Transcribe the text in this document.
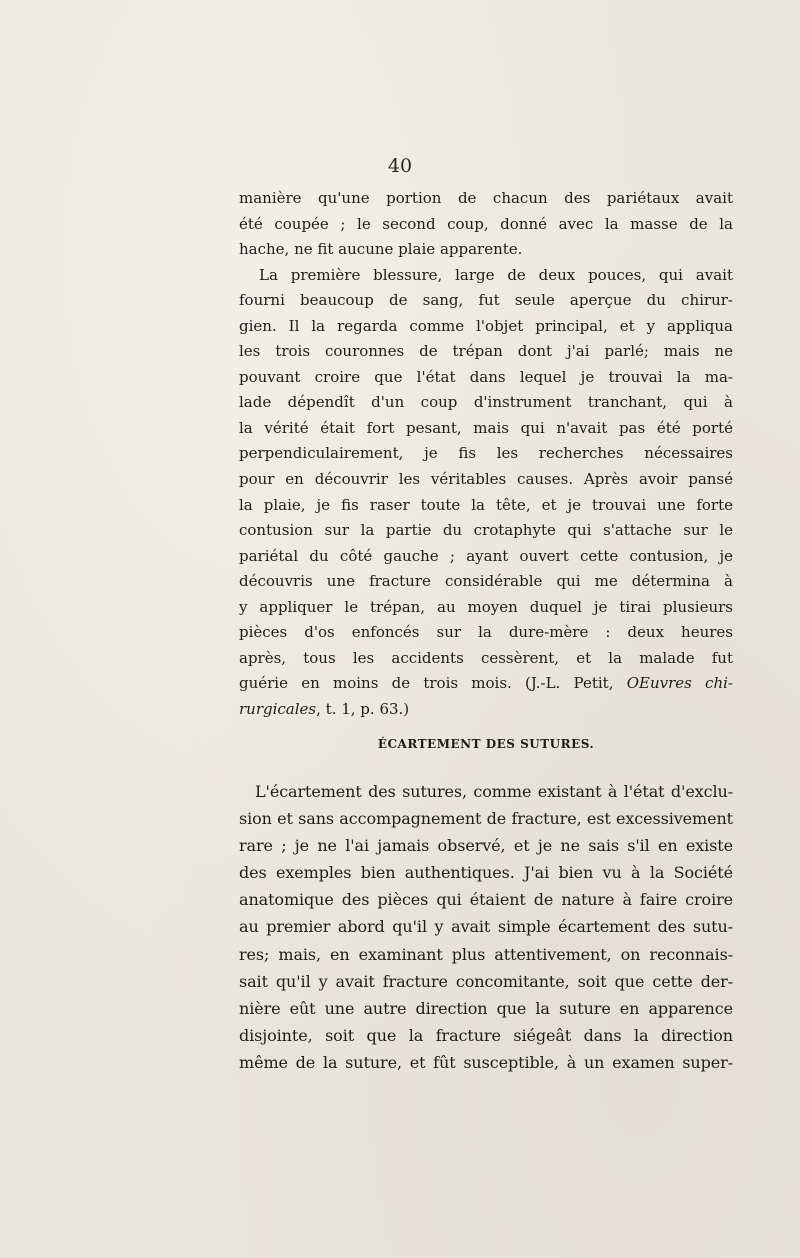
40
manière qu'une portion de chacun des pariétaux avait
été coupée ; le second coup, donné avec la masse de la
hache, ne fit aucune plaie apparente.
La première blessure, large de deux pouces, qui avait
fourni beaucoup de sang, fut seule aperçue du chirur-
gien. Il la regarda comme l'objet principal, et y appliqua
les trois couronnes de trépan dont j'ai parlé; mais ne
pouvant croire que l'état dans lequel je trouvai la ma-
lade dépendît d'un coup d'instrument tranchant, qui à
la vérité était fort pesant, mais qui n'avait pas été porté
perpendiculairement, je fis les recherches nécessaires
pour en découvrir les véritables causes. Après avoir pansé
la plaie, je fis raser toute la tête, et je trouvai une forte
contusion sur la partie du crotaphyte qui s'attache sur le
pariétal du côté gauche ; ayant ouvert cette contusion, je
découvris une fracture considérable qui me détermina à
y appliquer le trépan, au moyen duquel je tirai plusieurs
pièces d'os enfoncés sur la dure-mère : deux heures
après, tous les accidents cessèrent, et la malade fut
guérie en moins de trois mois. (J.-L. Petit, OEuvres chi-
rurgicales, t. 1, p. 63.)
ÉCARTEMENT DES SUTURES.
L'écartement des sutures, comme existant à l'état d'exclu-
sion et sans accompagnement de fracture, est excessivement
rare ; je ne l'ai jamais observé, et je ne sais s'il en existe
des exemples bien authentiques. J'ai bien vu à la Société
anatomique des pièces qui étaient de nature à faire croire
au premier abord qu'il y avait simple écartement des sutu-
res; mais, en examinant plus attentivement, on reconnais-
sait qu'il y avait fracture concomitante, soit que cette der-
nière eût une autre direction que la suture en apparence
disjointe, soit que la fracture siégeât dans la direction
même de la suture, et fût susceptible, à un examen super-
